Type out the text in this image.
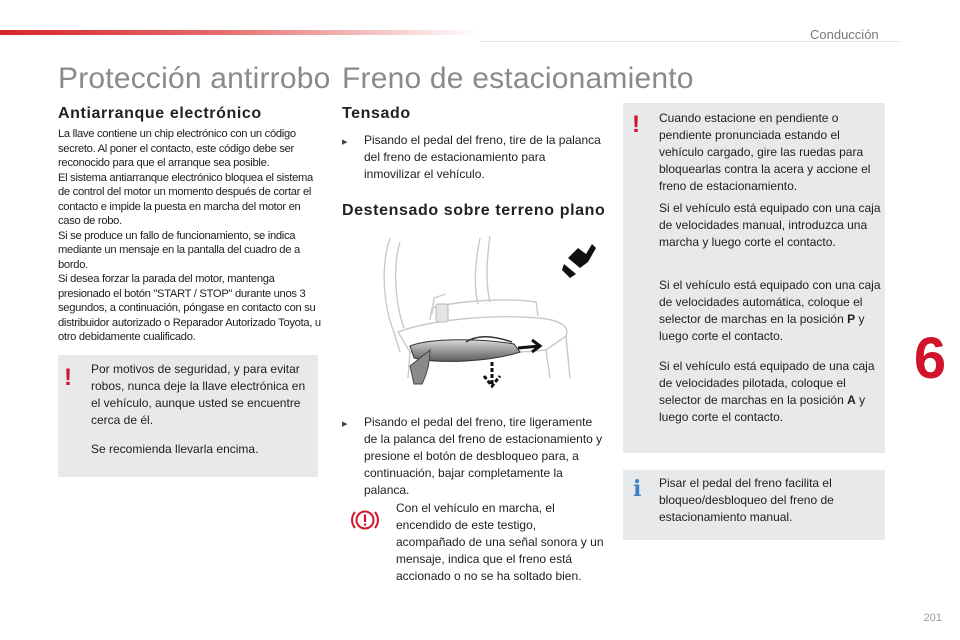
Conducción
6
201
Protección antirrobo
Antiarranque electrónico

La llave contiene un chip electrónico con un código secreto. Al poner el contacto, este código debe ser reconocido para que el arranque sea posible.
El sistema antiarranque electrónico bloquea el sistema de control del motor un momento después de cortar el contacto e impide la puesta en marcha del motor en caso de robo.
Si se produce un fallo de funcionamiento, se indica mediante un mensaje en la pantalla del cuadro de a bordo.
Si desea forzar la parada del motor, mantenga presionado el botón "START / STOP" durante unos 3 segundos, a continuación, póngase en contacto con su distribuidor autorizado o Reparador Autorizado Toyota, u otro debidamente cualificado.

! Por motivos de seguridad, y para evitar robos, nunca deje la llave electrónica en el vehículo, aunque usted se encuentre cerca de él.

Se recomienda llevarla encima.

Freno de estacionamiento
Tensado
▸ Pisando el pedal del freno, tire de la palanca del freno de estacionamiento para inmovilizar el vehículo.

Destensado sobre terreno plano
▸ Pisando el pedal del freno, tire ligeramente de la palanca del freno de estacionamiento y presione el botón de desbloqueo para, a continuación, bajar completamente la palanca.

Con el vehículo en marcha, el encendido de este testigo, acompañado de una señal sonora y un mensaje, indica que el freno está accionado o no se ha soltado bien.

! Cuando estacione en pendiente o pendiente pronunciada estando el vehículo cargado, gire las ruedas para bloquearlas contra la acera y accione el freno de estacionamiento.

Si el vehículo está equipado con una caja de velocidades manual, introduzca una marcha y luego corte el contacto.

Si el vehículo está equipado con una caja de velocidades automática, coloque el selector de marchas en la posición P y luego corte el contacto.

Si el vehículo está equipado de una caja de velocidades pilotada, coloque el selector de marchas en la posición A y luego corte el contacto.

i Pisar el pedal del freno facilita el bloqueo/desbloqueo del freno de estacionamiento manual.
